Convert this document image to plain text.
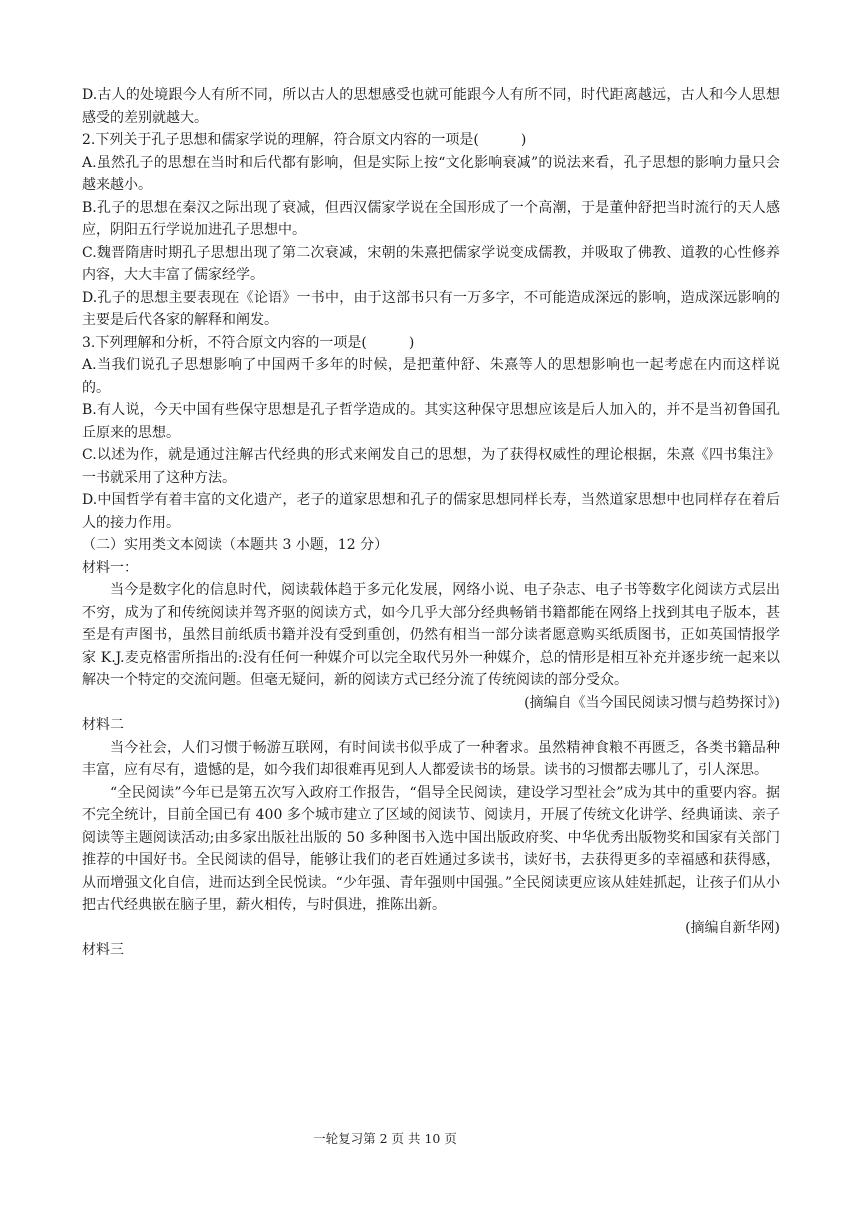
D.古人的处境跟今人有所不同，所以古人的思想感受也就可能跟今人有所不同，时代距离越远，古人和今人思想感受的差别就越大。

2.下列关于孔子思想和儒家学说的理解，符合原文内容的一项是(　　　)

A.虽然孔子的思想在当时和后代都有影响，但是实际上按“文化影响衰减”的说法来看，孔子思想的影响力量只会越来越小。

B.孔子的思想在秦汉之际出现了衰减，但西汉儒家学说在全国形成了一个高潮，于是董仲舒把当时流行的天人感应，阴阳五行学说加进孔子思想中。

C.魏晋隋唐时期孔子思想出现了第二次衰减，宋朝的朱熹把儒家学说变成儒教，并吸取了佛教、道教的心性修养内容，大大丰富了儒家经学。

D.孔子的思想主要表现在《论语》一书中，由于这部书只有一万多字，不可能造成深远的影响，造成深远影响的主要是后代各家的解释和阐发。

3.下列理解和分析，不符合原文内容的一项是(　　　)

A.当我们说孔子思想影响了中国两千多年的时候，是把董仲舒、朱熹等人的思想影响也一起考虑在内而这样说的。

B.有人说，今天中国有些保守思想是孔子哲学造成的。其实这种保守思想应该是后人加入的，并不是当初鲁国孔丘原来的思想。

C.以述为作，就是通过注解古代经典的形式来阐发自己的思想，为了获得权威性的理论根据，朱熹《四书集注》一书就采用了这种方法。

D.中国哲学有着丰富的文化遗产，老子的道家思想和孔子的儒家思想同样长寿，当然道家思想中也同样存在着后人的接力作用。

（二）实用类文本阅读（本题共 3 小题，12 分）

材料一：

当今是数字化的信息时代，阅读载体趋于多元化发展，网络小说、电子杂志、电子书等数字化阅读方式层出不穷，成为了和传统阅读并驾齐驱的阅读方式，如今几乎大部分经典畅销书籍都能在网络上找到其电子版本，甚至是有声图书，虽然目前纸质书籍并没有受到重创，仍然有相当一部分读者愿意购买纸质图书，正如英国情报学家 K.J.麦克格雷所指出的:没有任何一种媒介可以完全取代另外一种媒介，总的情形是相互补充并逐步统一起来以解决一个特定的交流问题。但毫无疑问，新的阅读方式已经分流了传统阅读的部分受众。

(摘编自《当今国民阅读习惯与趋势探讨》)

材料二

当今社会，人们习惯于畅游互联网，有时间读书似乎成了一种奢求。虽然精神食粮不再匮乏，各类书籍品种丰富，应有尽有，遗憾的是，如今我们却很难再见到人人都爱读书的场景。读书的习惯都去哪儿了，引人深思。

“全民阅读”今年已是第五次写入政府工作报告，“倡导全民阅读，建设学习型社会”成为其中的重要内容。据不完全统计，目前全国已有 400 多个城市建立了区域的阅读节、阅读月，开展了传统文化讲学、经典诵读、亲子阅读等主题阅读活动;由多家出版社出版的 50 多种图书入选中国出版政府奖、中华优秀出版物奖和国家有关部门推荐的中国好书。全民阅读的倡导，能够让我们的老百姓通过多读书，读好书，去获得更多的幸福感和获得感，从而增强文化自信，进而达到全民悦读。“少年强、青年强则中国强。”全民阅读更应该从娃娃抓起，让孩子们从小把古代经典嵌在脑子里，薪火相传，与时俱进，推陈出新。

(摘编自新华网)

材料三

一轮复习第 2 页 共 10 页
